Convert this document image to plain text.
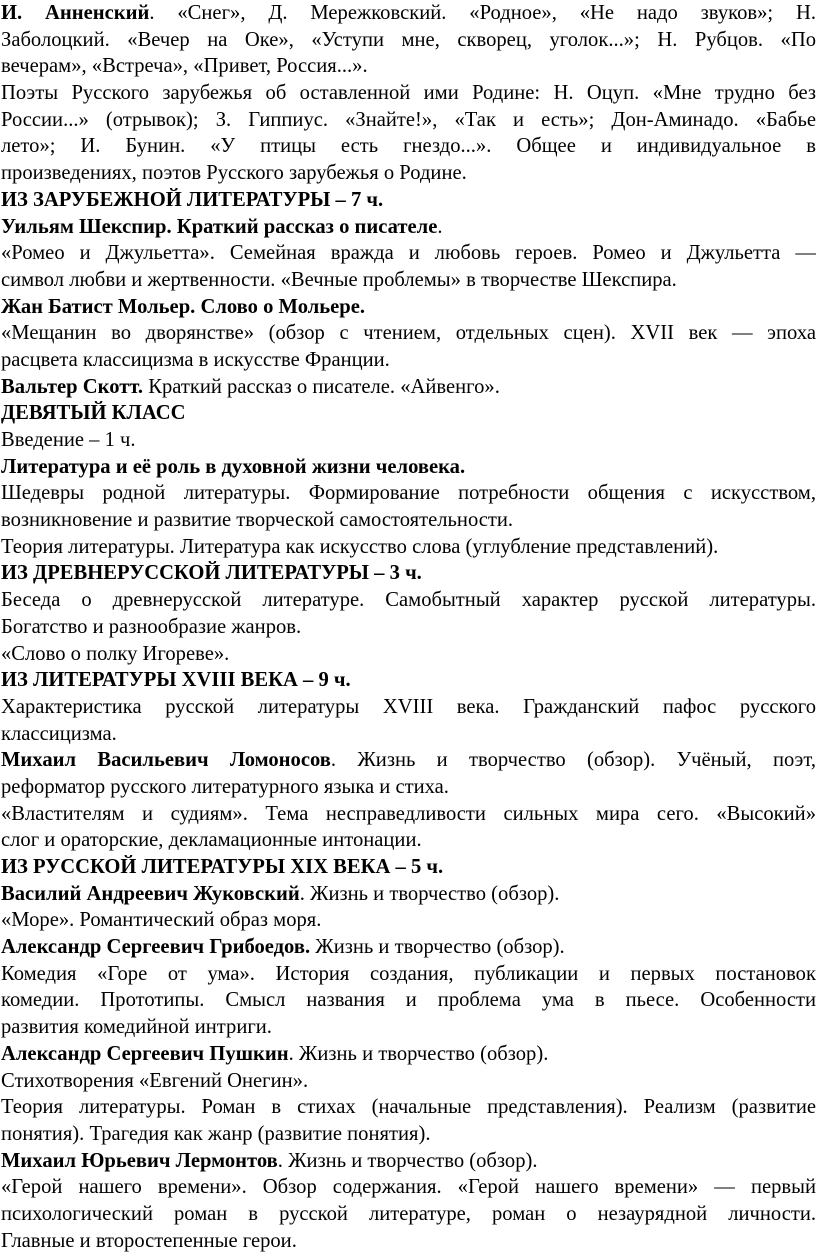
И. Анненский. «Снег», Д. Мережковский. «Родное», «Не надо звуков»; Н.
Заболоцкий. «Вечер на Оке», «Уступи мне, скворец, уголок...»; Н. Рубцов. «По
вечерам», «Встреча», «Привет, Россия...».
Поэты Русского зарубежья об оставленной ими Родине: Н. Оцуп. «Мне трудно без
России...» (отрывок); З. Гиппиус. «Знайте!», «Так и есть»; Дон-Аминадо. «Бабье
лето»; И. Бунин. «У птицы есть гнездо...». Общее и индивидуальное в
произведениях, поэтов Русского зарубежья о Родине.
ИЗ ЗАРУБЕЖНОЙ ЛИТЕРАТУРЫ – 7 ч.
Уильям Шекспир. Краткий рассказ о писателе.
«Ромео и Джульетта». Семейная вражда и любовь героев. Ромео и Джульетта —
символ любви и жертвенности. «Вечные проблемы» в творчестве Шекспира.
Жан Батист Мольер. Слово о Мольере.
«Мещанин во дворянстве» (обзор с чтением, отдельных сцен). XVII век — эпоха
расцвета классицизма в искусстве Франции.
Вальтер Скотт. Краткий рассказ о писателе. «Айвенго».
ДЕВЯТЫЙ КЛАСС
Введение – 1 ч.
Литература и её роль в духовной жизни человека.
Шедевры родной литературы. Формирование потребности общения с искусством,
возникновение и развитие творческой самостоятельности.
Теория литературы. Литература как искусство слова (углубление представлений).
ИЗ ДРЕВНЕРУССКОЙ ЛИТЕРАТУРЫ – 3 ч.
Беседа о древнерусской литературе. Самобытный характер русской литературы.
Богатство и разнообразие жанров.
«Слово о полку Игореве».
ИЗ ЛИТЕРАТУРЫ XVIII ВЕКА – 9 ч.
Характеристика русской литературы XVIII века. Гражданский пафос русского
классицизма.
Михаил Васильевич Ломоносов. Жизнь и творчество (обзор). Учёный, поэт,
реформатор русского литературного языка и стиха.
«Властителям и судиям». Тема несправедливости сильных мира сего. «Высокий»
слог и ораторские, декламационные интонации.
ИЗ РУССКОЙ ЛИТЕРАТУРЫ XIX ВЕКА – 5 ч.
Василий Андреевич Жуковский. Жизнь и творчество (обзор).
«Море». Романтический образ моря.
Александр Сергеевич Грибоедов. Жизнь и творчество (обзор).
Комедия «Горе от ума». История создания, публикации и первых постановок
комедии. Прототипы. Смысл названия и проблема ума в пьесе. Особенности
развития комедийной интриги.
Александр Сергеевич Пушкин. Жизнь и творчество (обзор).
Стихотворения «Евгений Онегин».
Теория литературы. Роман в стихах (начальные представления). Реализм (развитие
понятия). Трагедия как жанр (развитие понятия).
Михаил Юрьевич Лермонтов. Жизнь и творчество (обзор).
«Герой нашего времени». Обзор содержания. «Герой нашего времени» — первый
психологический роман в русской литературе, роман о незаурядной личности.
Главные и второстепенные герои.
